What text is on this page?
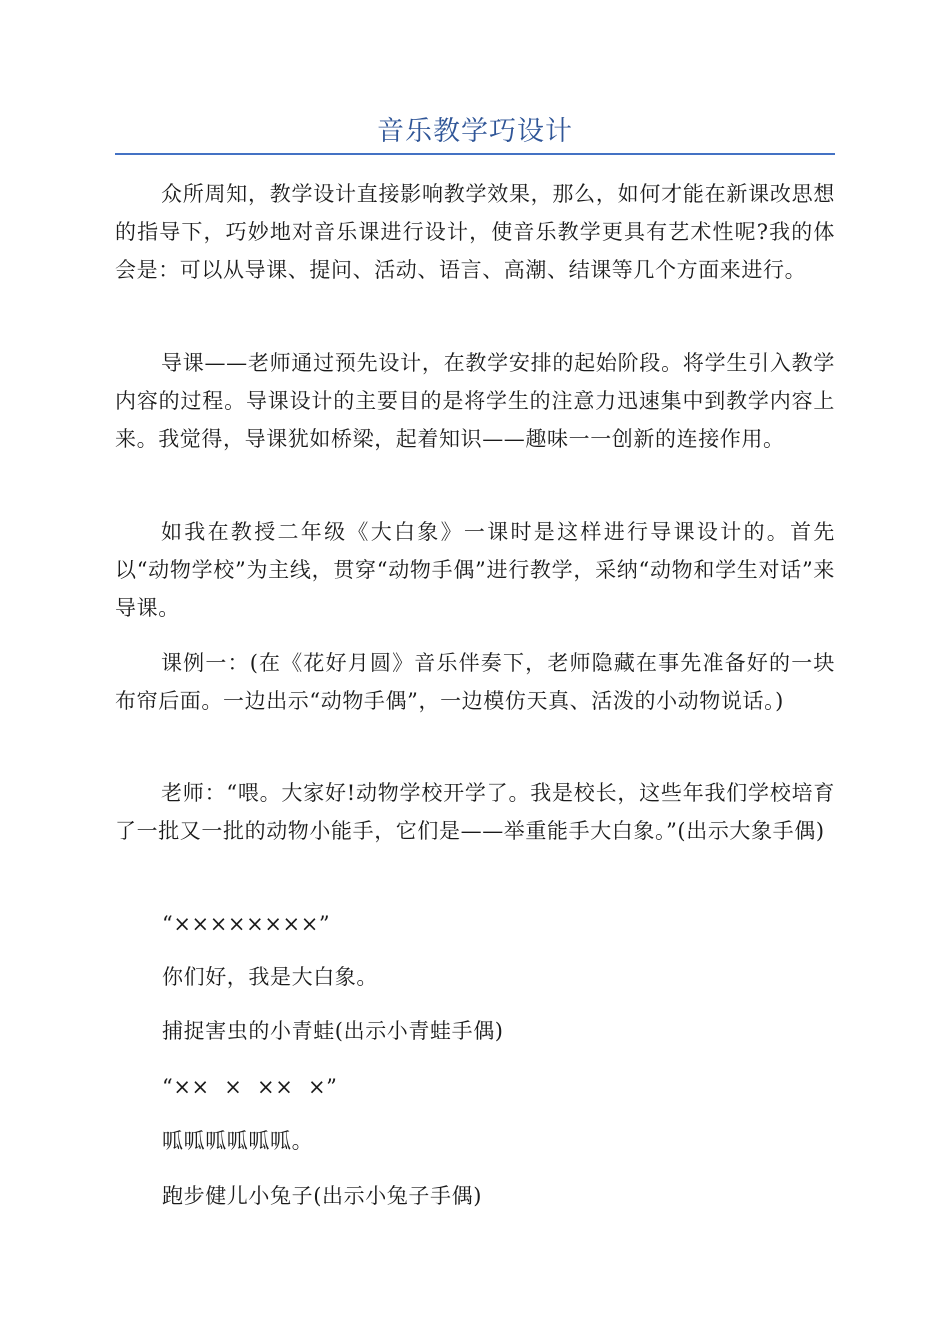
音乐教学巧设计

众所周知，教学设计直接影响教学效果，那么，如何才能在新课改思想的指导下，巧妙地对音乐课进行设计，使音乐教学更具有艺术性呢?我的体会是：可以从导课、提问、活动、语言、高潮、结课等几个方面来进行。

导课——老师通过预先设计，在教学安排的起始阶段。将学生引入教学内容的过程。导课设计的主要目的是将学生的注意力迅速集中到教学内容上来。我觉得，导课犹如桥梁，起着知识——趣味一一创新的连接作用。

如我在教授二年级《大白象》一课时是这样进行导课设计的。首先以“动物学校”为主线，贯穿“动物手偶”进行教学，采纳“动物和学生对话”来导课。

课例一：(在《花好月圆》音乐伴奏下，老师隐藏在事先准备好的一块布帘后面。一边出示“动物手偶”，一边模仿天真、活泼的小动物说话。)

老师：“喂。大家好!动物学校开学了。我是校长，这些年我们学校培育了一批又一批的动物小能手，它们是——举重能手大白象。”(出示大象手偶)

“××××××××”
你们好，我是大白象。
捕捉害虫的小青蛙(出示小青蛙手偶)
“××  ×  ××  ×”
呱呱呱呱呱呱。
跑步健儿小兔子(出示小兔子手偶)
